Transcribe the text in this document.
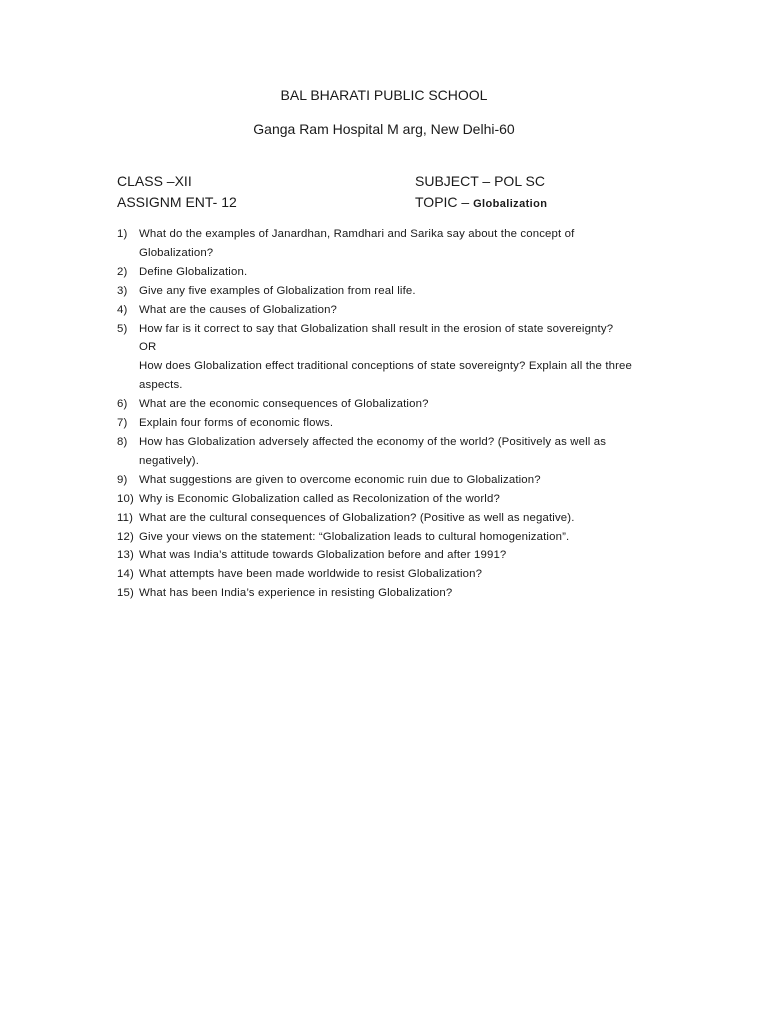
BAL BHARATI PUBLIC SCHOOL
Ganga Ram Hospital M arg, New Delhi-60
CLASS –XII
ASSIGNM ENT- 12
SUBJECT – POL SC
TOPIC – Globalization
1) What do the examples of Janardhan, Ramdhari and Sarika say about the concept of
Globalization?
2) Define Globalization.
3) Give any five examples of Globalization from real life.
4) What are the causes of Globalization?
5) How far is it correct to say that Globalization shall result in the erosion of state sovereignty?
OR
How does Globalization effect traditional conceptions of state sovereignty? Explain all the three
aspects.
6) What are the economic consequences of Globalization?
7) Explain four forms of economic flows.
8) How has Globalization adversely affected the economy of the world? (Positively as well as
negatively).
9) What suggestions are given to overcome economic ruin due to Globalization?
10) Why is Economic Globalization called as Recolonization of the world?
11) What are the cultural consequences of Globalization? (Positive as well as negative).
12) Give your views on the statement: “Globalization leads to cultural homogenization”.
13) What was India’s attitude towards Globalization before and after 1991?
14) What attempts have been made worldwide to resist Globalization?
15) What has been India’s experience in resisting Globalization?
